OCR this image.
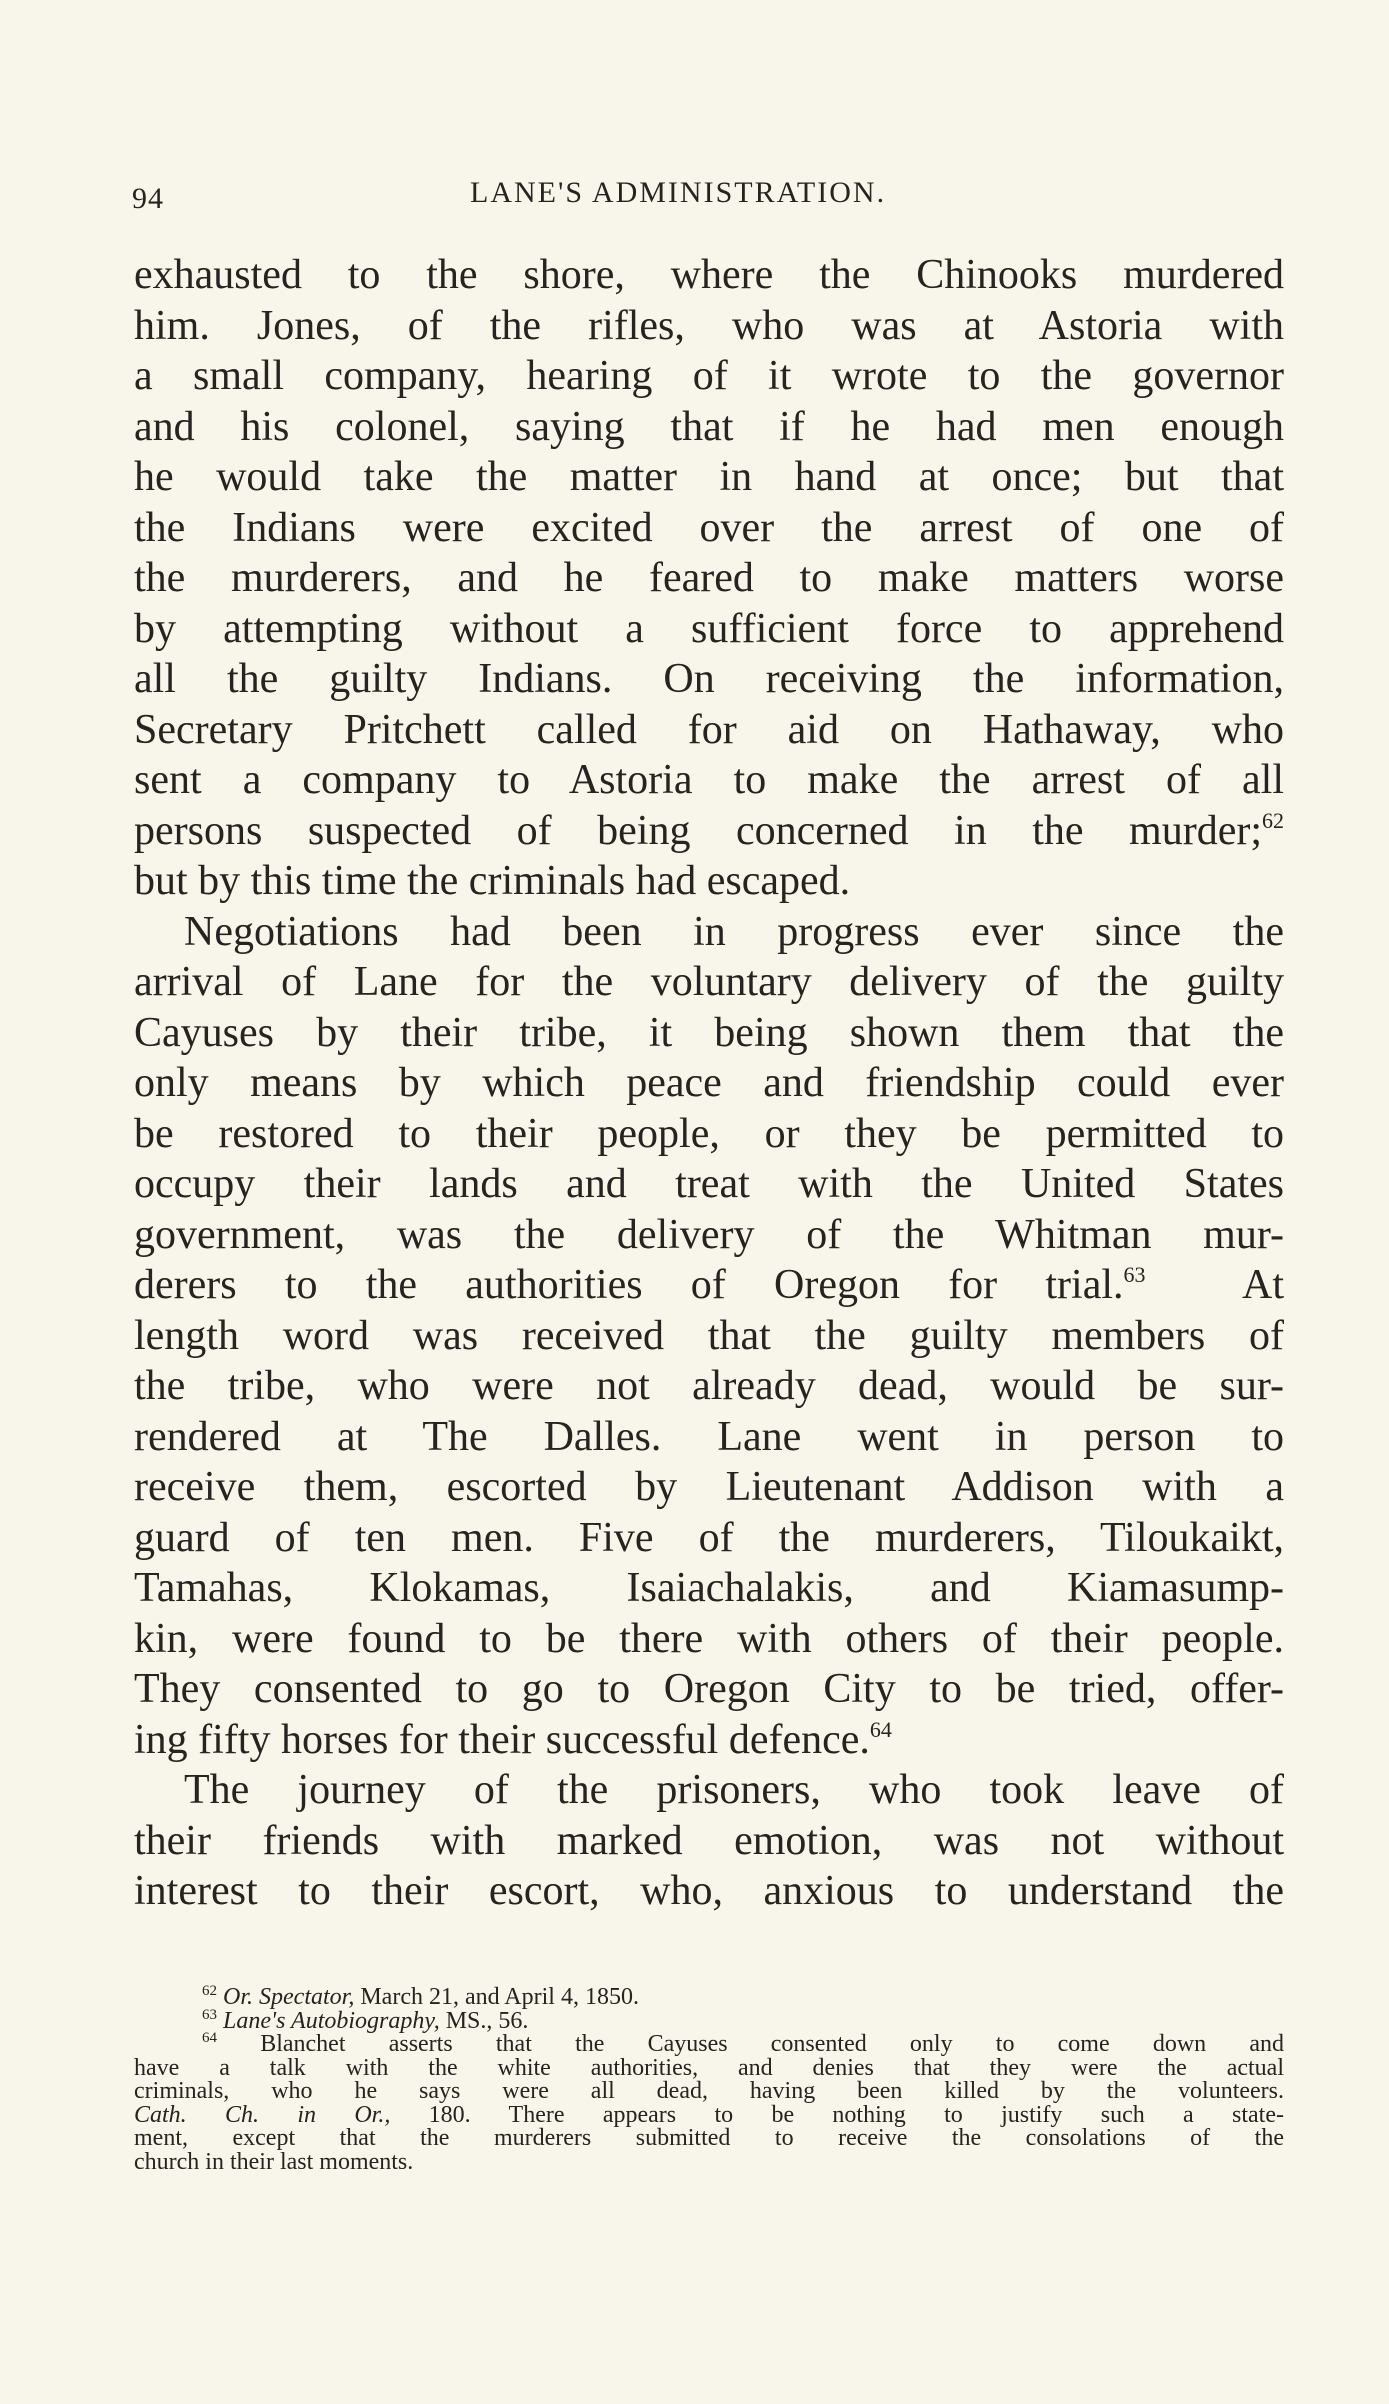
94	LANE'S ADMINISTRATION.
exhausted to the shore, where the Chinooks murdered
him. Jones, of the rifles, who was at Astoria with
a small company, hearing of it wrote to the governor
and his colonel, saying that if he had men enough
he would take the matter in hand at once; but that
the Indians were excited over the arrest of one of
the murderers, and he feared to make matters worse
by attempting without a sufficient force to apprehend
all the guilty Indians. On receiving the information,
Secretary Pritchett called for aid on Hathaway, who
sent a company to Astoria to make the arrest of all
persons suspected of being concerned in the murder;$^{62}$
but by this time the criminals had escaped.
Negotiations had been in progress ever since the
arrival of Lane for the voluntary delivery of the guilty
Cayuses by their tribe, it being shown them that the
only means by which peace and friendship could ever
be restored to their people, or they be permitted to
occupy their lands and treat with the United States
government, was the delivery of the Whitman mur-
derers to the authorities of Oregon for trial.$^{63}$ At
length word was received that the guilty members of
the tribe, who were not already dead, would be sur-
rendered at The Dalles. Lane went in person to
receive them, escorted by Lieutenant Addison with a
guard of ten men. Five of the murderers, Tiloukaikt,
Tamahas, Klokamas, Isaiachalakis, and Kiamasump-
kin, were found to be there with others of their people.
They consented to go to Oregon City to be tried, offer-
ing fifty horses for their successful defence.$^{64}$
The journey of the prisoners, who took leave of
their friends with marked emotion, was not without
interest to their escort, who, anxious to understand the
$^{62}$ Or. Spectator, March 21, and April 4, 1850.
$^{63}$ Lane's Autobiography, MS., 56.
$^{64}$ Blanchet asserts that the Cayuses consented only to come down and
have a talk with the white authorities, and denies that they were the actual
criminals, who he says were all dead, having been killed by the volunteers.
Cath. Ch. in Or., 180. There appears to be nothing to justify such a state-
ment, except that the murderers submitted to receive the consolations of the
church in their last moments.
